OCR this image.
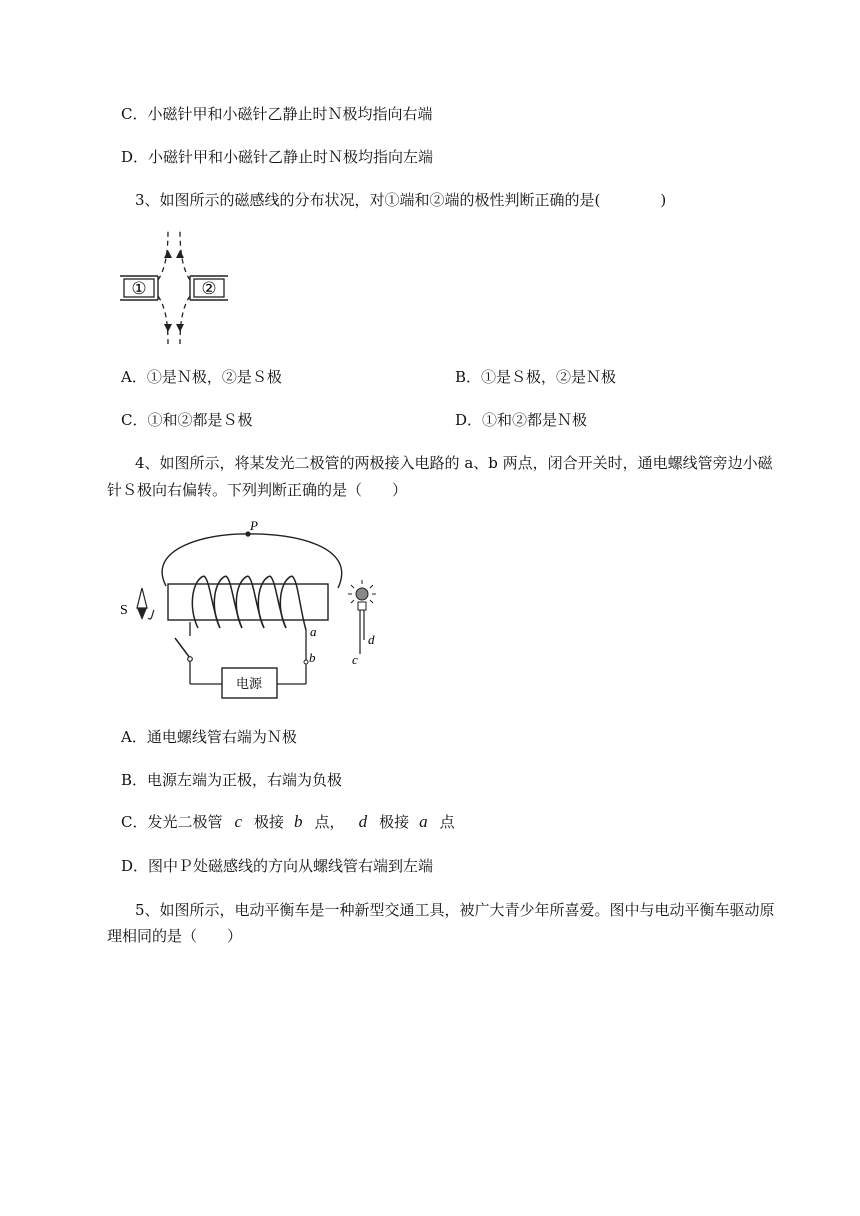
C．小磁针甲和小磁针乙静止时Ｎ极均指向右端
D．小磁针甲和小磁针乙静止时Ｎ极均指向左端
3、如图所示的磁感线的分布状况，对①端和②端的极性判断正确的是(　　　　)
①	②
A．①是Ｎ极，②是Ｓ极	B．①是Ｓ极，②是Ｎ极
C．①和②都是Ｓ极	D．①和②都是Ｎ极
4、如图所示，将某发光二极管的两极接入电路的 a、b 两点，闭合开关时，通电螺线管旁边小磁
针Ｓ极向右偏转。下列判断正确的是（　　）
P
电源
a
b
S
d
c
A．通电螺线管右端为Ｎ极
B．电源左端为正极，右端为负极
C．发光二极管 c 极接 b 点， d 极接 a 点
D．图中Ｐ处磁感线的方向从螺线管右端到左端
5、如图所示，电动平衡车是一种新型交通工具，被广大青少年所喜爱。图中与电动平衡车驱动原
理相同的是（　　）
